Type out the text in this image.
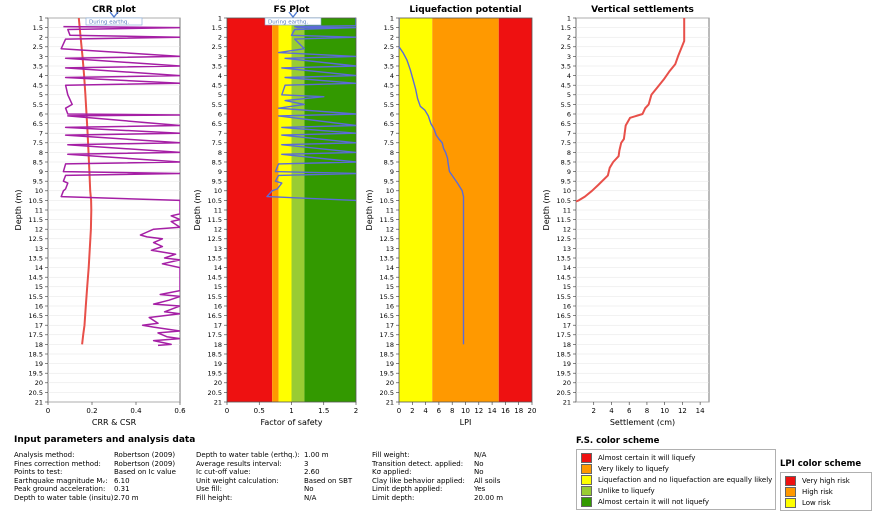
CRR plot
1
1.5
2
2.5
3
3.5
4
4.5
5
5.5
6
6.5
7
7.5
8
8.5
9
9.5
10
10.5
11
11.5
12
12.5
13
13.5
14
14.5
15
15.5
16
16.5
17
17.5
18
18.5
19
19.5
20
20.5
21
Depth (m)
0	0.2	0.4	0.6
CRR & CSR
During earthq.
FS Plot
1
1.5
2
2.5
3
3.5
4
4.5
5
5.5
6
6.5
7
7.5
8
8.5
9
9.5
10
10.5
11
11.5
12
12.5
13
13.5
14
14.5
15
15.5
16
16.5
17
17.5
18
18.5
19
19.5
20
20.5
21
Depth (m)
0	0.5	1	1.5	2
Factor of safety
During earthq.
Liquefaction potential
1
1.5
2
2.5
3
3.5
4
4.5
5
5.5
6
6.5
7
7.5
8
8.5
9
9.5
10
10.5
11
11.5
12
12.5
13
13.5
14
14.5
15
15.5
16
16.5
17
17.5
18
18.5
19
19.5
20
20.5
21
Depth (m)
0 2 4 6 8 10 12 14 16 18 20
LPI
Vertical settlements
1
1.5
2
2.5
3
3.5
4
4.5
5
5.5
6
6.5
7
7.5
8
8.5
9
9.5
10
10.5
11
11.5
12
12.5
13
13.5
14
14.5
15
15.5
16
16.5
17
17.5
18
18.5
19
19.5
20
20.5
21
Depth (m)
2 4 6 8 10 12 14
Settlement (cm)
Input parameters and analysis data
Analysis method:	Robertson (2009)
Fines correction method: Robertson (2009)
Points to test:	Based on Ic value
Earthquake magnitude Mᵥ: 6.10
Peak ground acceleration: 0.31
Depth to water table (insitu):2.70 m
Depth to water table (erthq.): 1.00 m
Average results interval:	3
Ic cut-off value:	2.60
Unit weight calculation:	Based on SBT
Use fill:	No
Fill height:	N/A
Fill weight:	N/A
Transition detect. applied: No
Kσ applied:	No
Clay like behavior applied: All soils
Limit depth applied:	Yes
Limit depth:	20.00 m
F.S. color scheme
Almost certain it will liquefy
Very likely to liquefy
Liquefaction and no liquefaction are equally likely
Unlike to liquefy
Almost certain it will not liquefy
LPI color scheme
Very high risk
High risk
Low risk
